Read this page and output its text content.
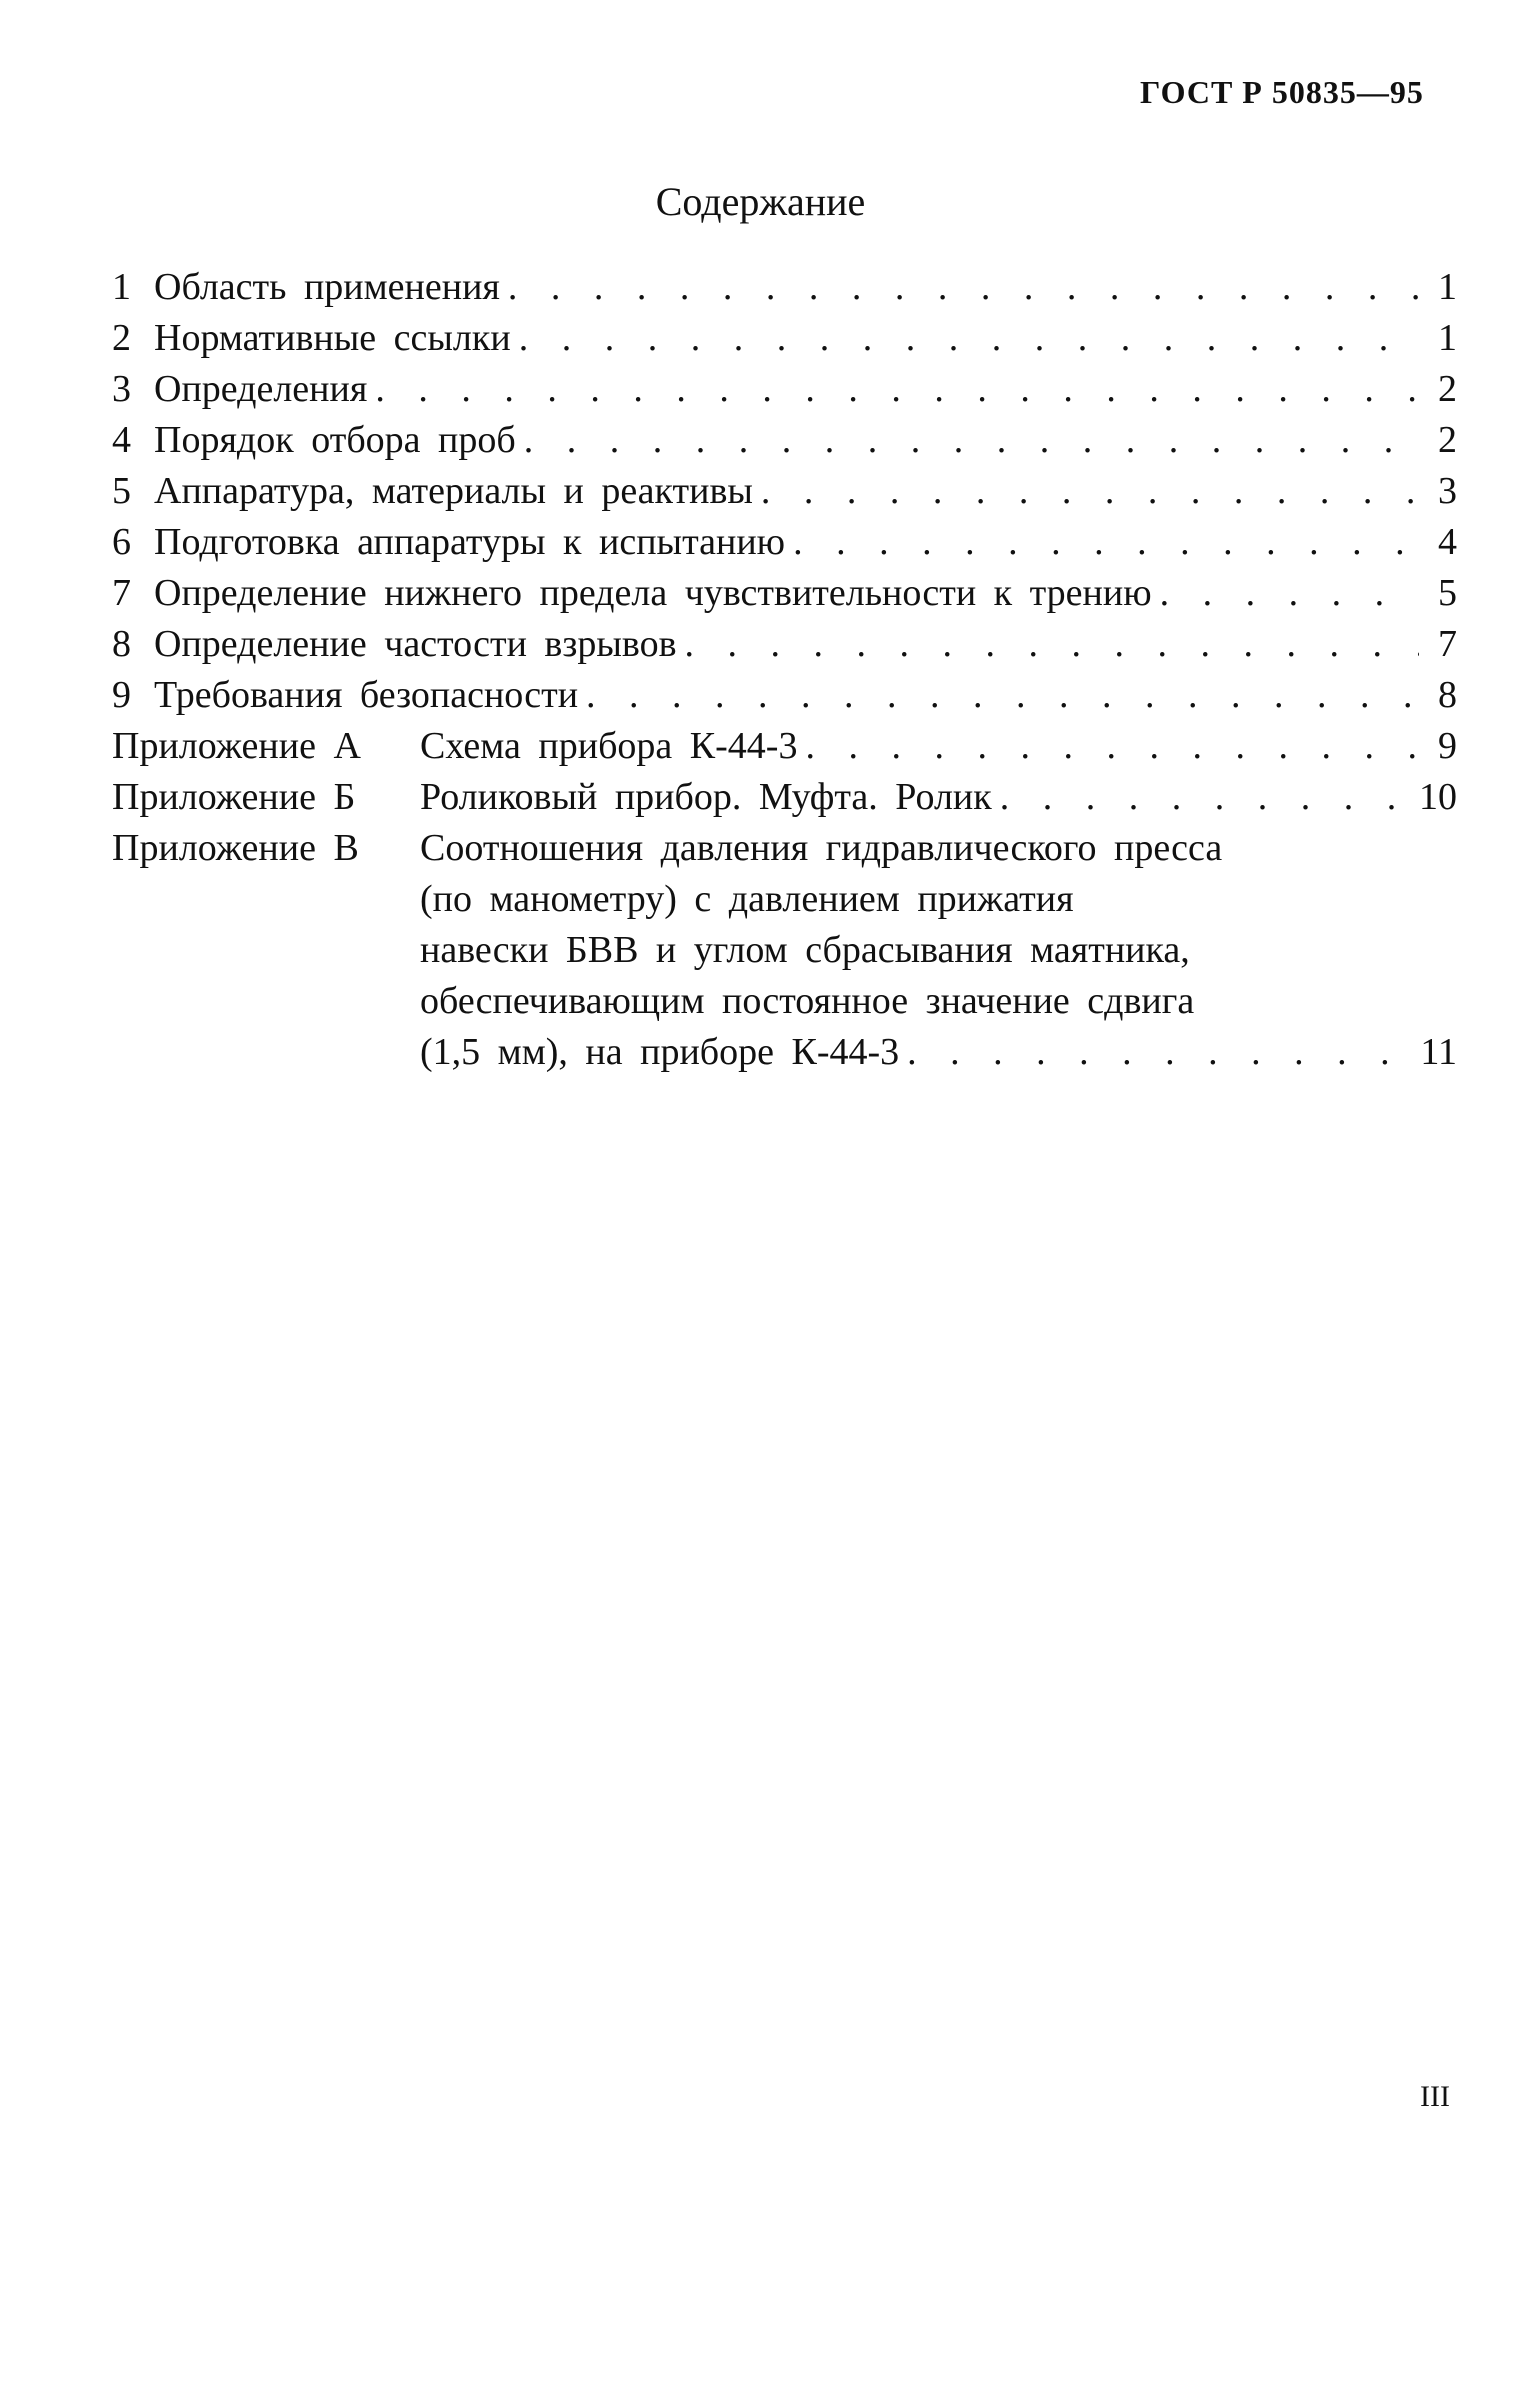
ГОСТ Р 50835—95
Содержание
1 Область применения . . .	1
2 Нормативные ссылки . . .	1
3 Определения . . .	2
4 Порядок отбора проб . . .	2
5 Аппаратура, материалы и реактивы . . .	3
6 Подготовка аппаратуры к испытанию . . .	4
7 Определение нижнего предела чувствительности к трению . . .	5
8 Определение частости взрывов . . .	7
9 Требования безопасности . . .	8
Приложение А	Схема прибора К-44-3 . . .	9
Приложение Б	Роликовый прибор. Муфта. Ролик . . .	10
Приложение В	Соотношения давления гидравлического пресса
(по манометру) с давлением прижатия
навески БВВ и углом сбрасывания маятника,
обеспечивающим постоянное значение сдвига
(1,5 мм), на приборе К-44-3 . . .	11
III
